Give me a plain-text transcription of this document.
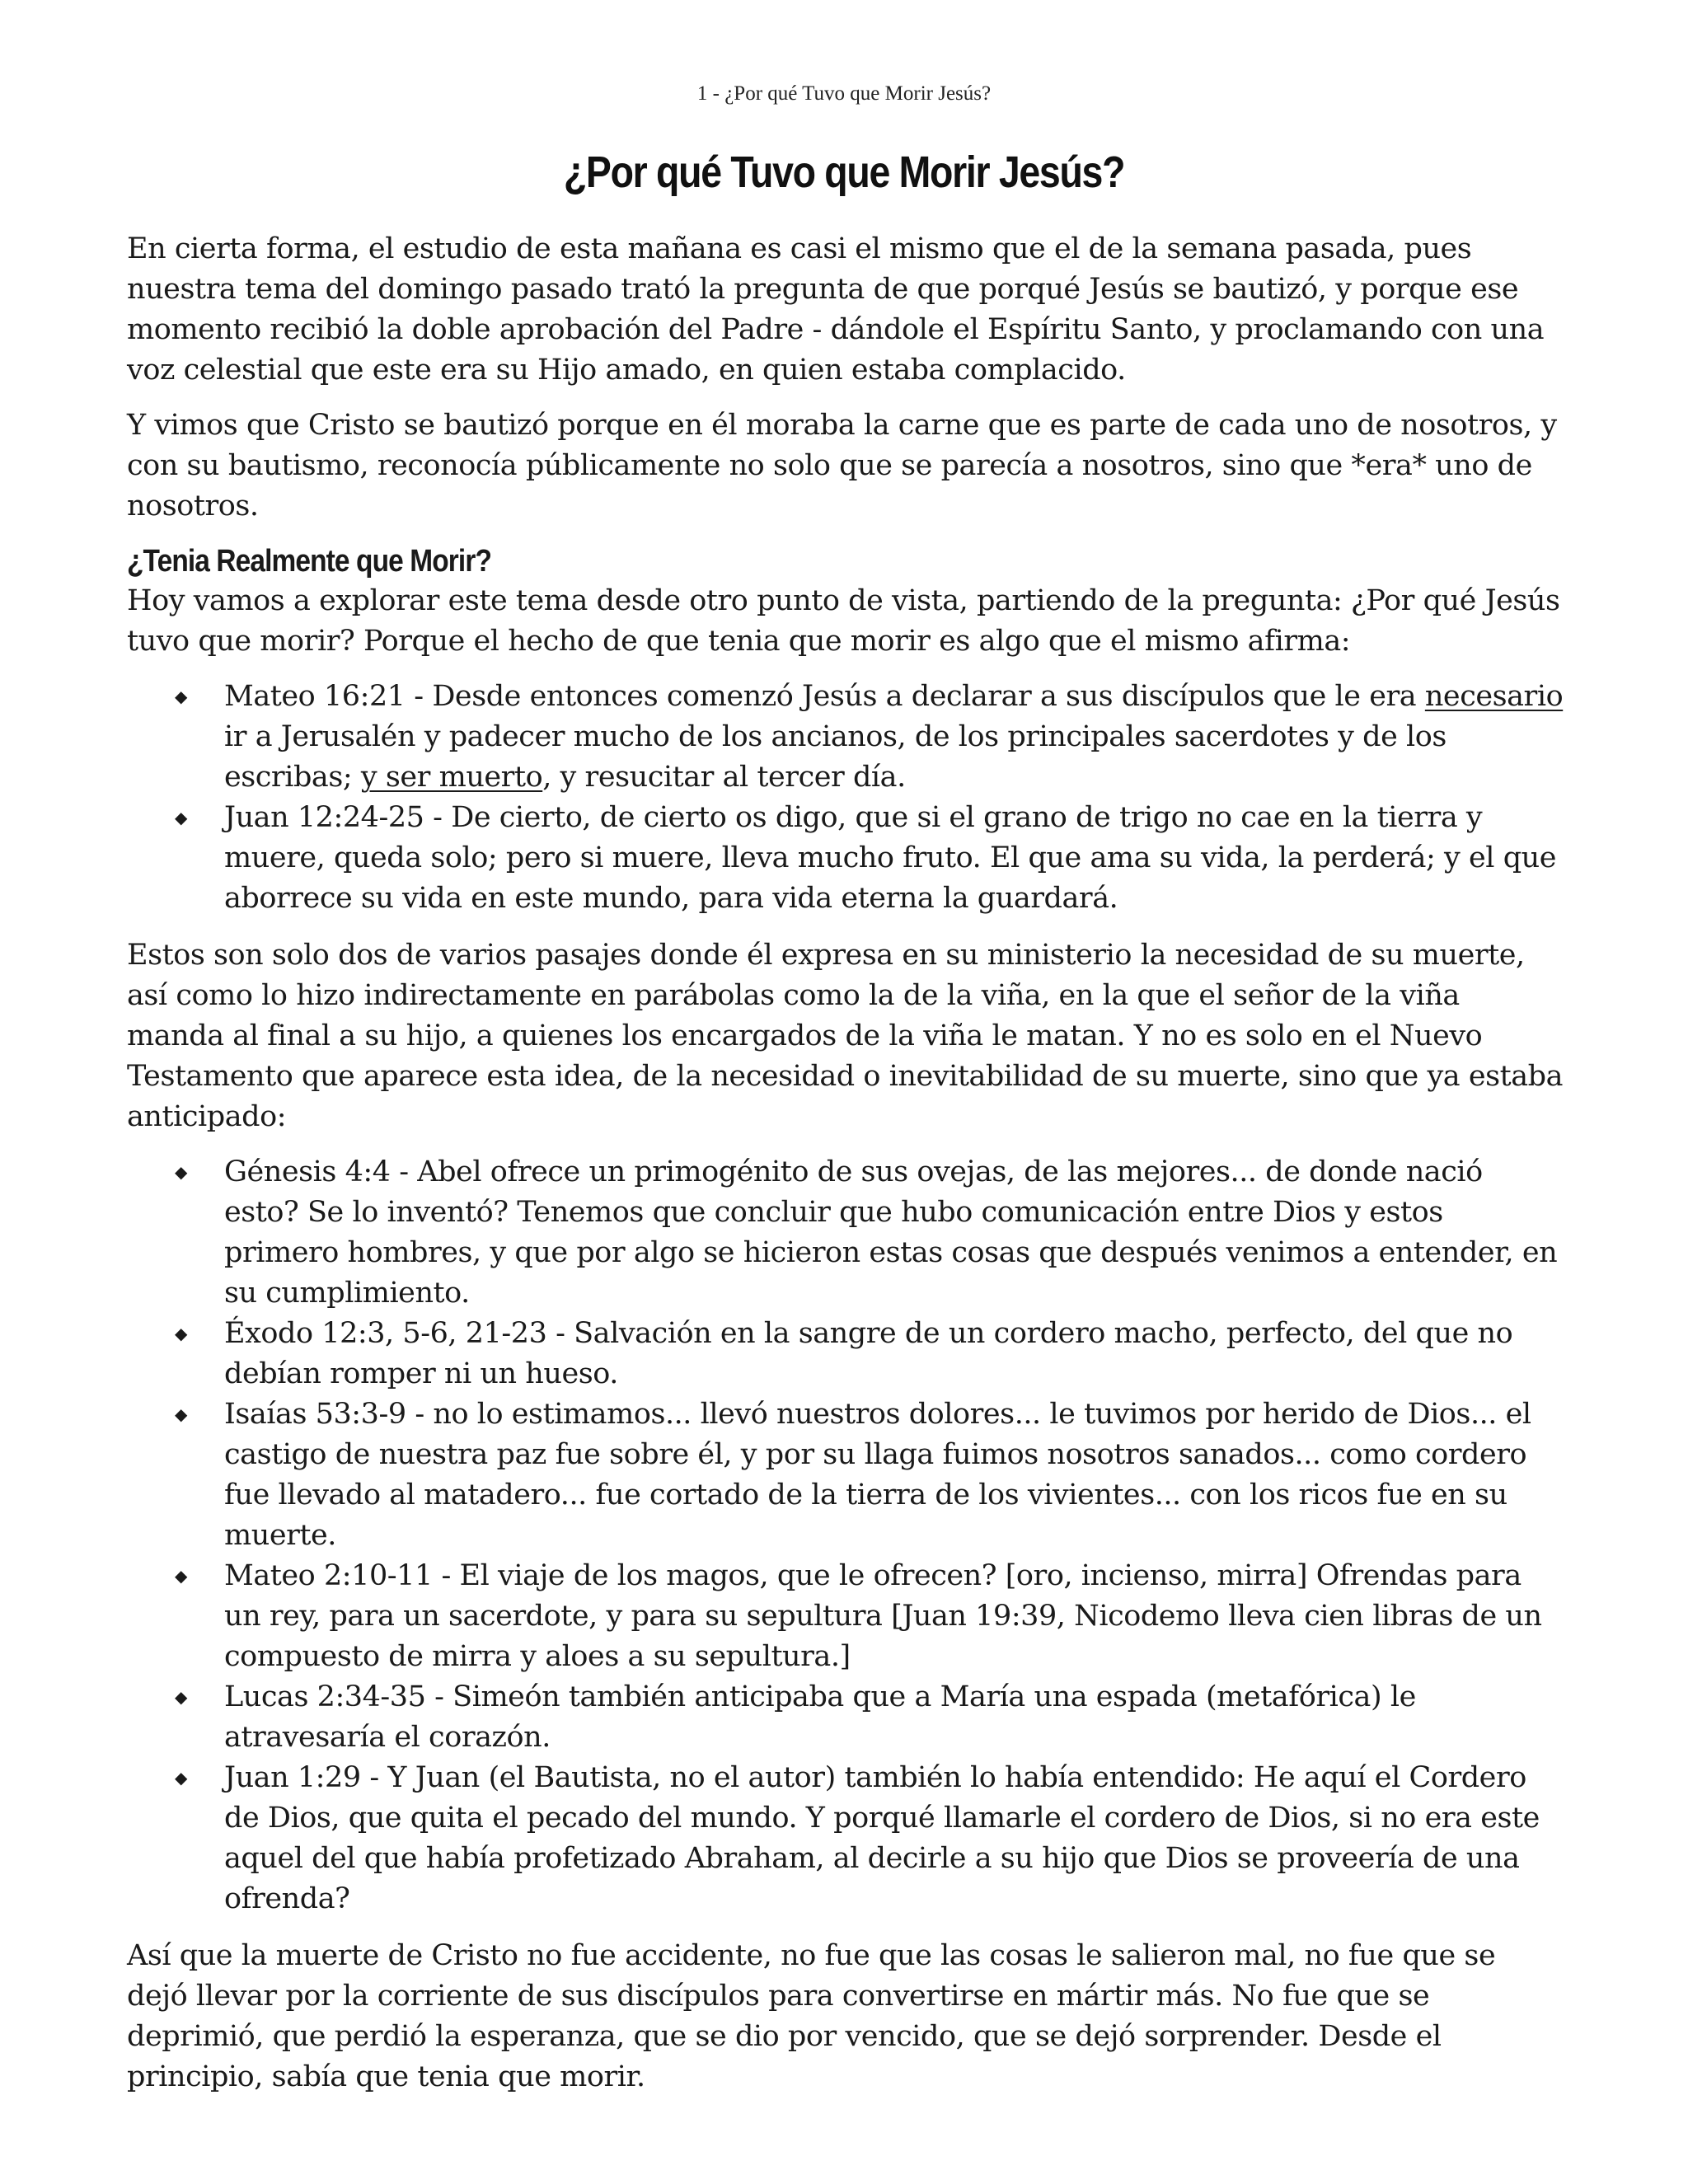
1 - ¿Por qué Tuvo que Morir Jesús?
¿Por qué Tuvo que Morir Jesús?

En cierta forma, el estudio de esta mañana es casi el mismo que el de la semana pasada, pues nuestra tema del domingo pasado trató la pregunta de que porqué Jesús se bautizó, y porque ese momento recibió la doble aprobación del Padre - dándole el Espíritu Santo, y proclamando con una voz celestial que este era su Hijo amado, en quien estaba complacido.

Y vimos que Cristo se bautizó porque en él moraba la carne que es parte de cada uno de nosotros, y con su bautismo, reconocía públicamente no solo que se parecía a nosotros, sino que *era* uno de nosotros.

¿Tenia Realmente que Morir?

Hoy vamos a explorar este tema desde otro punto de vista, partiendo de la pregunta: ¿Por qué Jesús tuvo que morir? Porque el hecho de que tenia que morir es algo que el mismo afirma:

◆ Mateo 16:21 - Desde entonces comenzó Jesús a declarar a sus discípulos que le era necesario ir a Jerusalén y padecer mucho de los ancianos, de los principales sacerdotes y de los escribas; y ser muerto, y resucitar al tercer día.
◆ Juan 12:24-25 - De cierto, de cierto os digo, que si el grano de trigo no cae en la tierra y muere, queda solo; pero si muere, lleva mucho fruto. El que ama su vida, la perderá; y el que aborrece su vida en este mundo, para vida eterna la guardará.

Estos son solo dos de varios pasajes donde él expresa en su ministerio la necesidad de su muerte, así como lo hizo indirectamente en parábolas como la de la viña, en la que el señor de la viña manda al final a su hijo, a quienes los encargados de la viña le matan. Y no es solo en el Nuevo Testamento que aparece esta idea, de la necesidad o inevitabilidad de su muerte, sino que ya estaba anticipado:

◆ Génesis 4:4 - Abel ofrece un primogénito de sus ovejas, de las mejores... de donde nació esto? Se lo inventó? Tenemos que concluir que hubo comunicación entre Dios y estos primero hombres, y que por algo se hicieron estas cosas que después venimos a entender, en su cumplimiento.
◆ Éxodo 12:3, 5-6, 21-23 - Salvación en la sangre de un cordero macho, perfecto, del que no debían romper ni un hueso.
◆ Isaías 53:3-9 - no lo estimamos... llevó nuestros dolores... le tuvimos por herido de Dios... el castigo de nuestra paz fue sobre él, y por su llaga fuimos nosotros sanados... como cordero fue llevado al matadero... fue cortado de la tierra de los vivientes... con los ricos fue en su muerte.
◆ Mateo 2:10-11 - El viaje de los magos, que le ofrecen? [oro, incienso, mirra] Ofrendas para un rey, para un sacerdote, y para su sepultura [Juan 19:39, Nicodemo lleva cien libras de un compuesto de mirra y aloes a su sepultura.]
◆ Lucas 2:34-35 - Simeón también anticipaba que a María una espada (metafórica) le atravesaría el corazón.
◆ Juan 1:29 - Y Juan (el Bautista, no el autor) también lo había entendido: He aquí el Cordero de Dios, que quita el pecado del mundo. Y porqué llamarle el cordero de Dios, si no era este aquel del que había profetizado Abraham, al decirle a su hijo que Dios se proveería de una ofrenda?

Así que la muerte de Cristo no fue accidente, no fue que las cosas le salieron mal, no fue que se dejó llevar por la corriente de sus discípulos para convertirse en mártir más. No fue que se deprimió, que perdió la esperanza, que se dio por vencido, que se dejó sorprender. Desde el principio, sabía que tenia que morir.
